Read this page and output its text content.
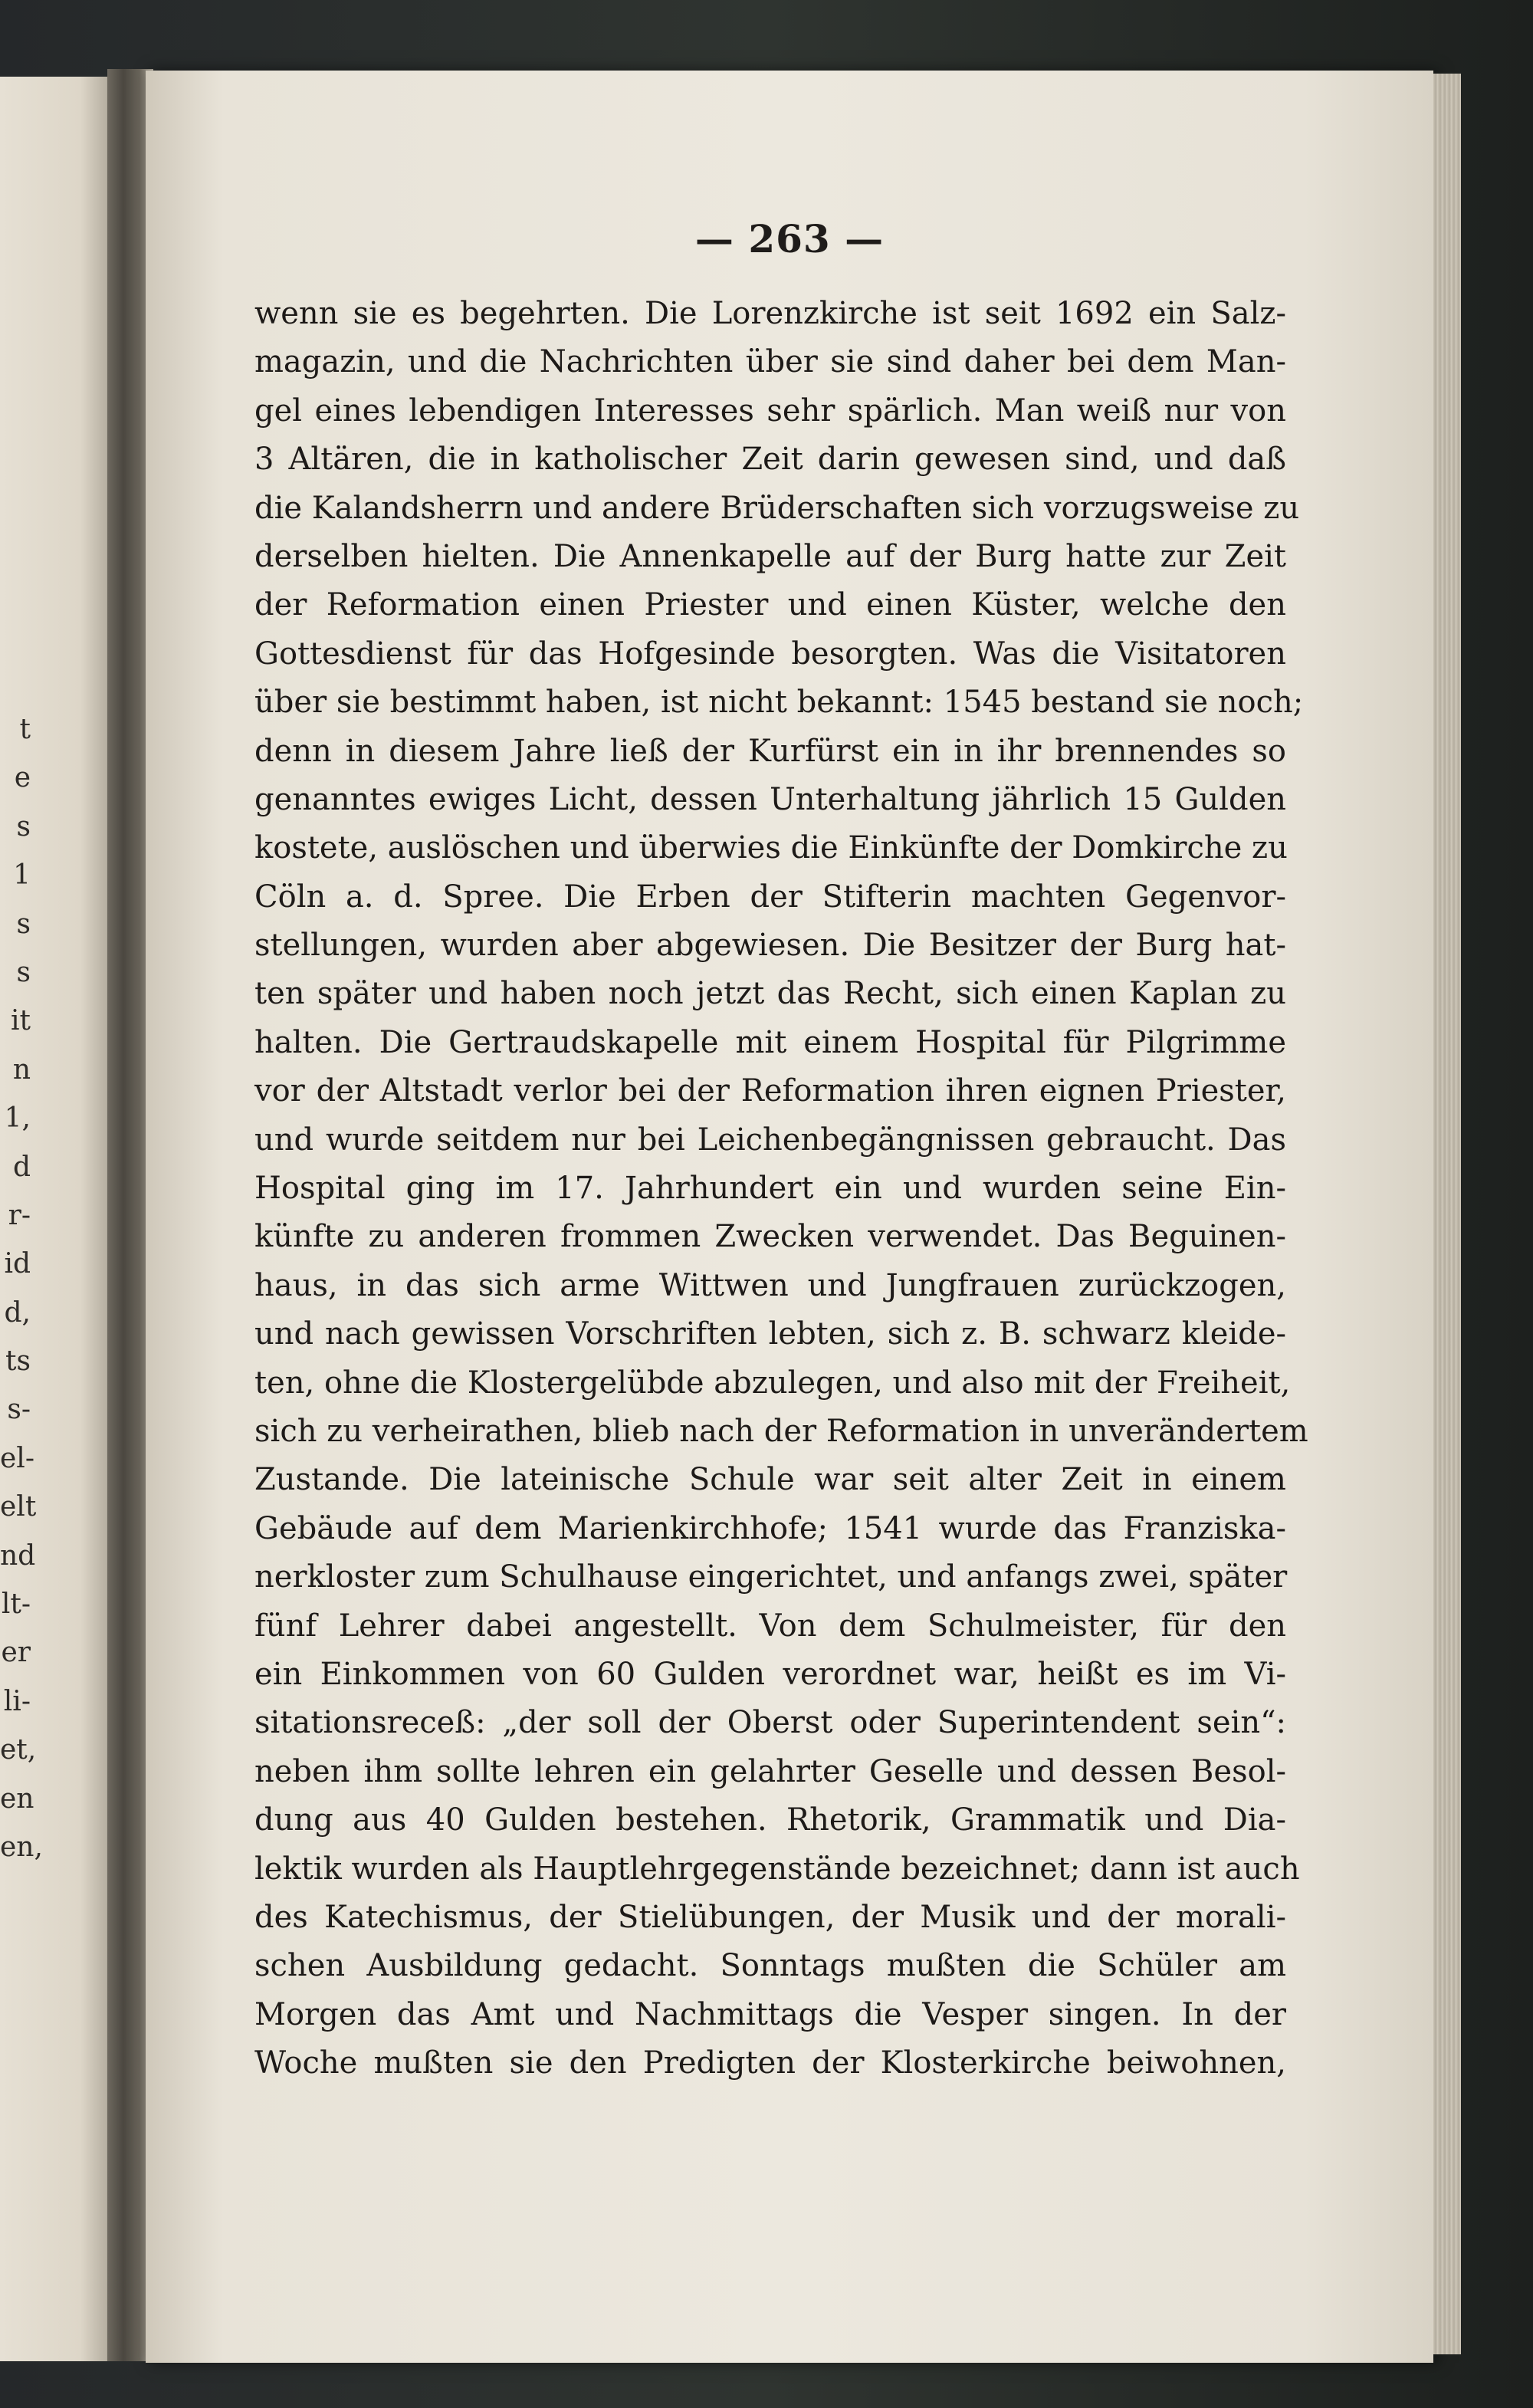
t
e
s
1
s
s
it
n
1,
d
r-
id
d,
ts
s-
el-
elt
nd
lt-
er
li-
et,
en
en,
— 263 —
wenn sie es begehrten. Die Lorenzkirche ist seit 1692 ein Salz-
magazin, und die Nachrichten über sie sind daher bei dem Man-
gel eines lebendigen Interesses sehr spärlich. Man weiß nur von
3 Altären, die in katholischer Zeit darin gewesen sind, und daß
die Kalandsherrn und andere Brüderschaften sich vorzugsweise zu
derselben hielten. Die Annenkapelle auf der Burg hatte zur Zeit
der Reformation einen Priester und einen Küster, welche den
Gottesdienst für das Hofgesinde besorgten. Was die Visitatoren
über sie bestimmt haben, ist nicht bekannt: 1545 bestand sie noch;
denn in diesem Jahre ließ der Kurfürst ein in ihr brennendes so
genanntes ewiges Licht, dessen Unterhaltung jährlich 15 Gulden
kostete, auslöschen und überwies die Einkünfte der Domkirche zu
Cöln a. d. Spree. Die Erben der Stifterin machten Gegenvor-
stellungen, wurden aber abgewiesen. Die Besitzer der Burg hat-
ten später und haben noch jetzt das Recht, sich einen Kaplan zu
halten. Die Gertraudskapelle mit einem Hospital für Pilgrimme
vor der Altstadt verlor bei der Reformation ihren eignen Priester,
und wurde seitdem nur bei Leichenbegängnissen gebraucht. Das
Hospital ging im 17. Jahrhundert ein und wurden seine Ein-
künfte zu anderen frommen Zwecken verwendet. Das Beguinen-
haus, in das sich arme Wittwen und Jungfrauen zurückzogen,
und nach gewissen Vorschriften lebten, sich z. B. schwarz kleide-
ten, ohne die Klostergelübde abzulegen, und also mit der Freiheit,
sich zu verheirathen, blieb nach der Reformation in unverändertem
Zustande. Die lateinische Schule war seit alter Zeit in einem
Gebäude auf dem Marienkirchhofe; 1541 wurde das Franziska-
nerkloster zum Schulhause eingerichtet, und anfangs zwei, später
fünf Lehrer dabei angestellt. Von dem Schulmeister, für den
ein Einkommen von 60 Gulden verordnet war, heißt es im Vi-
sitationsreceß: „der soll der Oberst oder Superintendent sein“:
neben ihm sollte lehren ein gelahrter Geselle und dessen Besol-
dung aus 40 Gulden bestehen. Rhetorik, Grammatik und Dia-
lektik wurden als Hauptlehrgegenstände bezeichnet; dann ist auch
des Katechismus, der Stielübungen, der Musik und der morali-
schen Ausbildung gedacht. Sonntags mußten die Schüler am
Morgen das Amt und Nachmittags die Vesper singen. In der
Woche mußten sie den Predigten der Klosterkirche beiwohnen,
